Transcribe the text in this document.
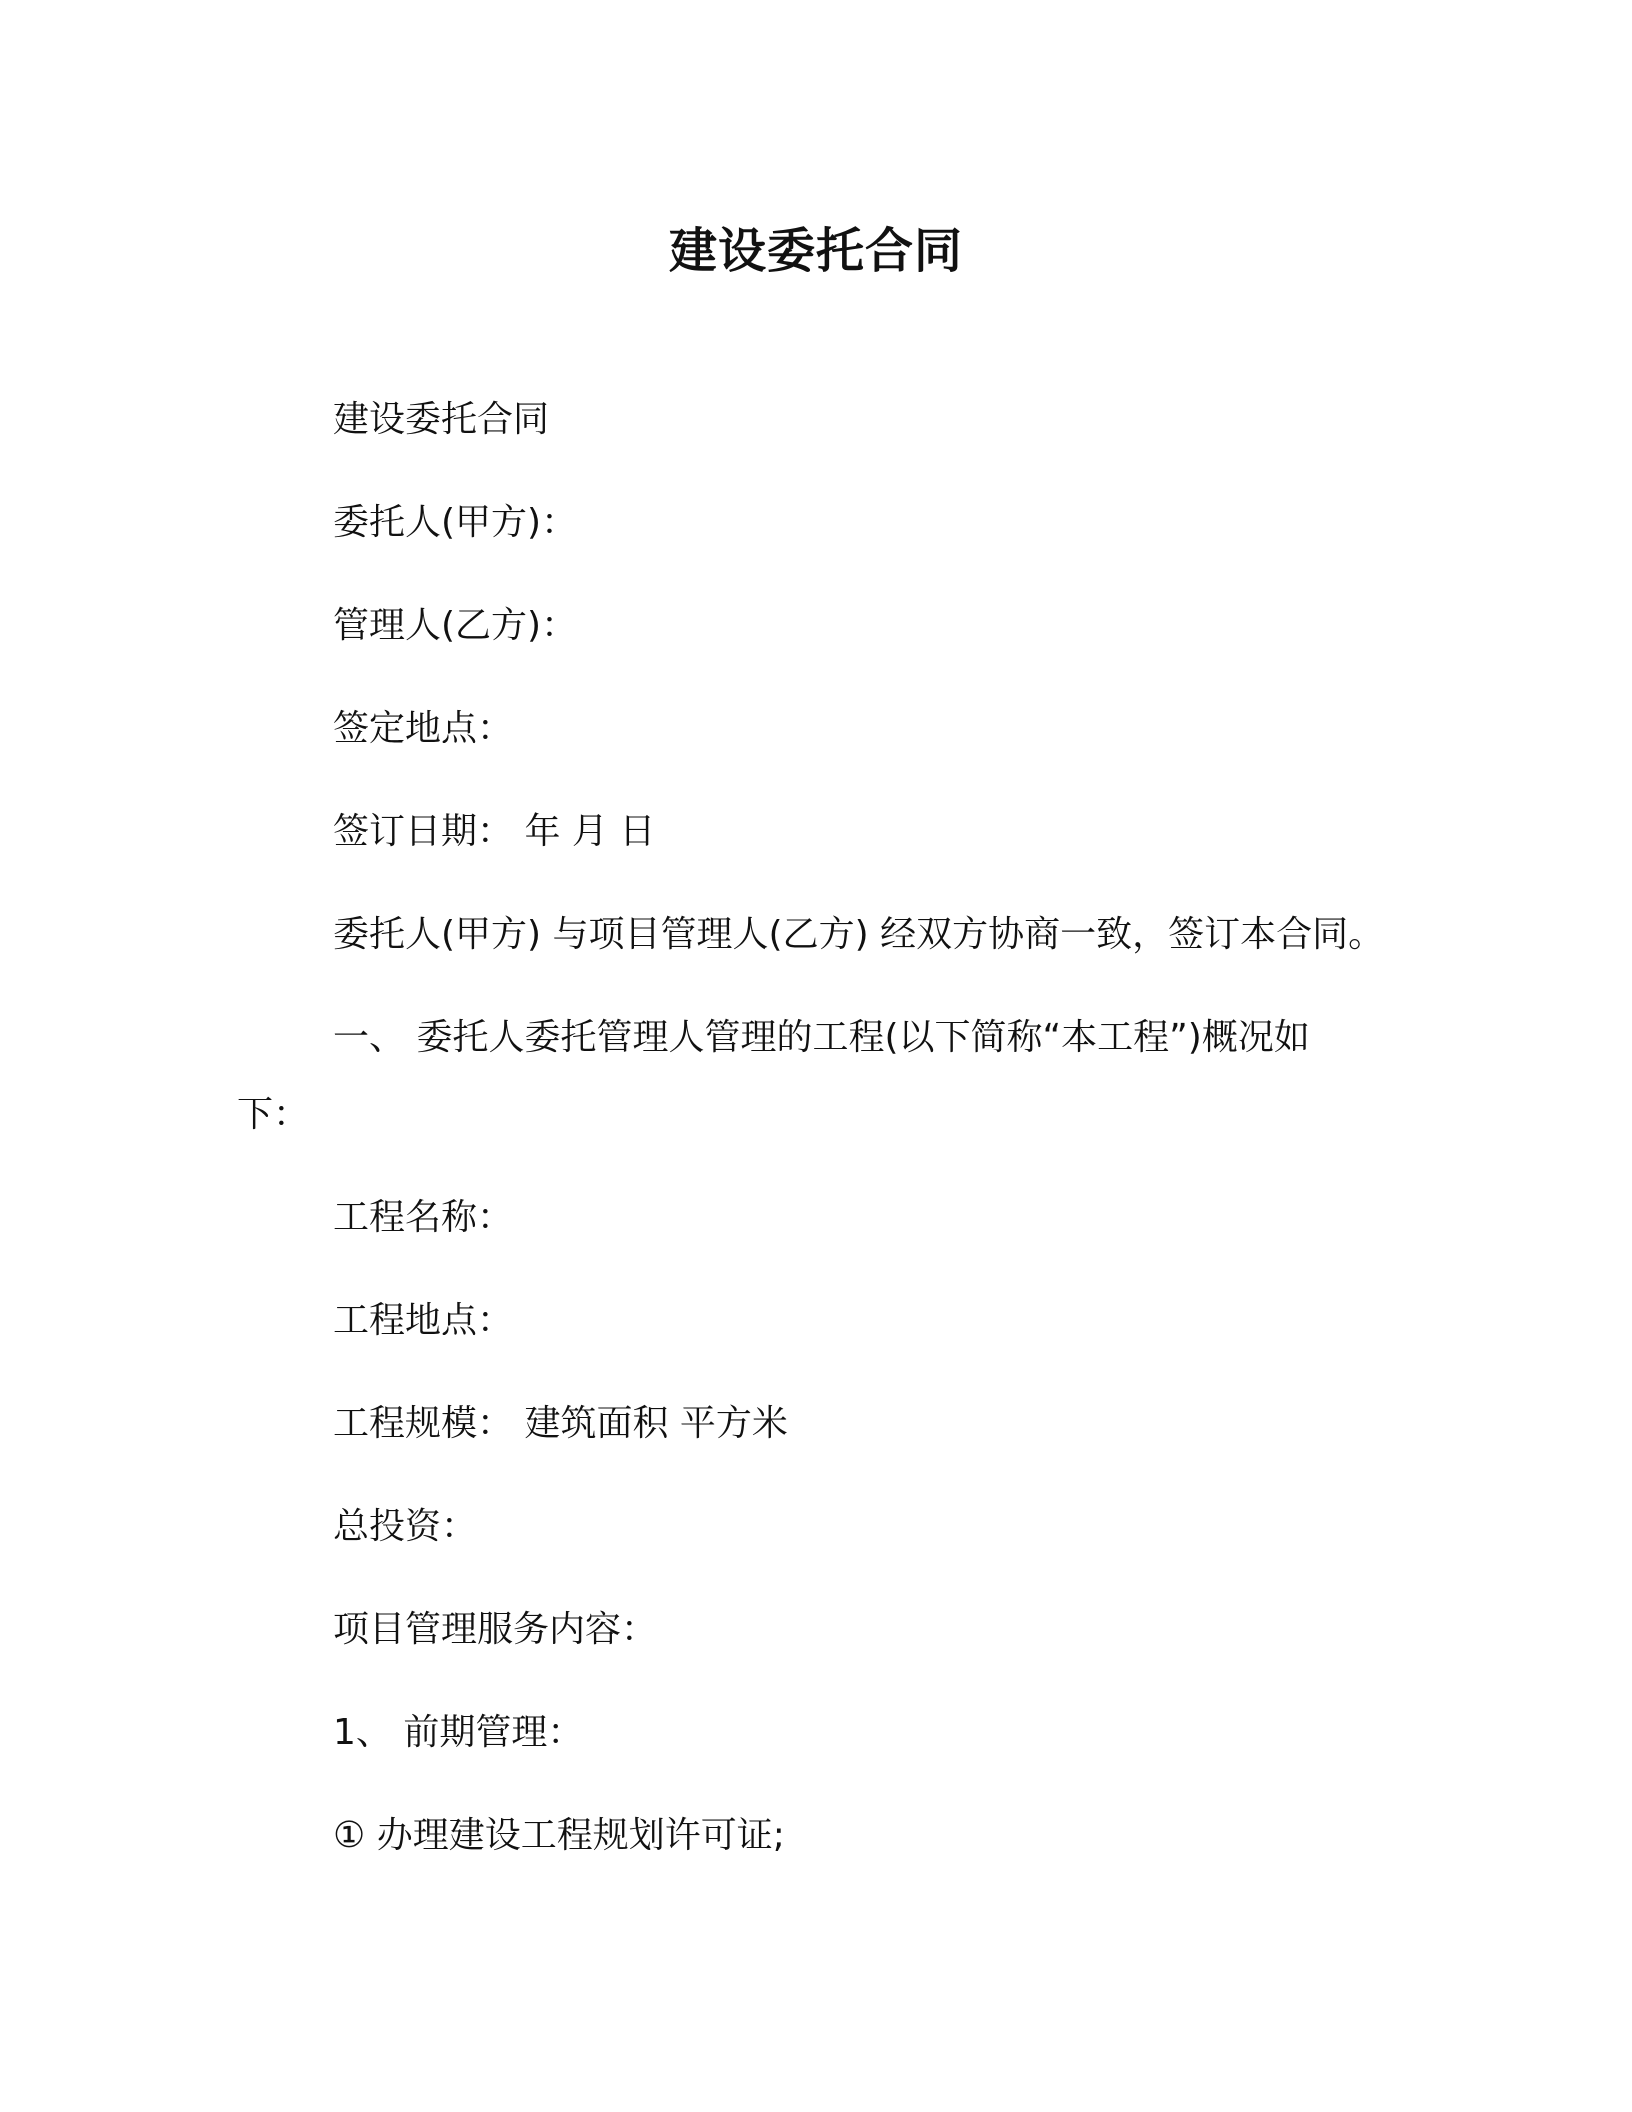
建设委托合同
建设委托合同
委托人(甲方)：
管理人(乙方)：
签定地点：
签订日期： 年 月 日
委托人(甲方) 与项目管理人(乙方) 经双方协商一致，签订本合同。
一、 委托人委托管理人管理的工程(以下简称“本工程”)概况如
下：
工程名称：
工程地点：
工程规模： 建筑面积 平方米
总投资：
项目管理服务内容：
1、 前期管理：
① 办理建设工程规划许可证;
